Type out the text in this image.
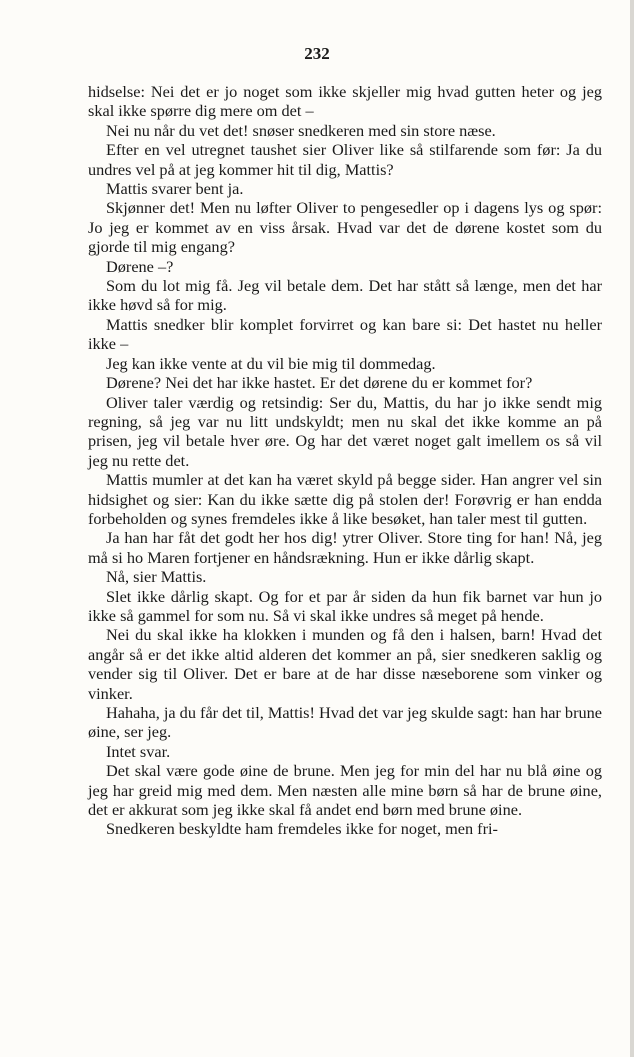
232

hidselse: Nei det er jo noget som ikke skjeller mig hvad gutten heter og jeg skal ikke spørre dig mere om det –

Nei nu når du vet det! snøser snedkeren med sin store næse.

Efter en vel utregnet taushet sier Oliver like så stilfarende som før: Ja du undres vel på at jeg kommer hit til dig, Mattis?

Mattis svarer bent ja.

Skjønner det! Men nu løfter Oliver to pengesedler op i dagens lys og spør: Jo jeg er kommet av en viss årsak. Hvad var det de dørene kostet som du gjorde til mig engang?

Dørene –?

Som du lot mig få. Jeg vil betale dem. Det har stått så længe, men det har ikke høvd så for mig.

Mattis snedker blir komplet forvirret og kan bare si: Det hastet nu heller ikke –

Jeg kan ikke vente at du vil bie mig til dommedag.

Dørene? Nei det har ikke hastet. Er det dørene du er kommet for?

Oliver taler værdig og retsindig: Ser du, Mattis, du har jo ikke sendt mig regning, så jeg var nu litt undskyldt; men nu skal det ikke komme an på prisen, jeg vil betale hver øre. Og har det været noget galt imellem os så vil jeg nu rette det.

Mattis mumler at det kan ha været skyld på begge sider. Han angrer vel sin hidsighet og sier: Kan du ikke sætte dig på stolen der! Forøvrig er han endda forbeholden og synes fremdeles ikke å like besøket, han taler mest til gutten.

Ja han har fåt det godt her hos dig! ytrer Oliver. Store ting for han! Nå, jeg må si ho Maren fortjener en håndsrækning. Hun er ikke dårlig skapt.

Nå, sier Mattis.

Slet ikke dårlig skapt. Og for et par år siden da hun fik barnet var hun jo ikke så gammel for som nu. Så vi skal ikke undres så meget på hende.

Nei du skal ikke ha klokken i munden og få den i halsen, barn! Hvad det angår så er det ikke altid alderen det kommer an på, sier snedkeren saklig og vender sig til Oliver. Det er bare at de har disse næseborene som vinker og vinker.

Hahaha, ja du får det til, Mattis! Hvad det var jeg skulde sagt: han har brune øine, ser jeg.

Intet svar.

Det skal være gode øine de brune. Men jeg for min del har nu blå øine og jeg har greid mig med dem. Men næsten alle mine børn så har de brune øine, det er akkurat som jeg ikke skal få andet end børn med brune øine.

Snedkeren beskyldte ham fremdeles ikke for noget, men fri-
